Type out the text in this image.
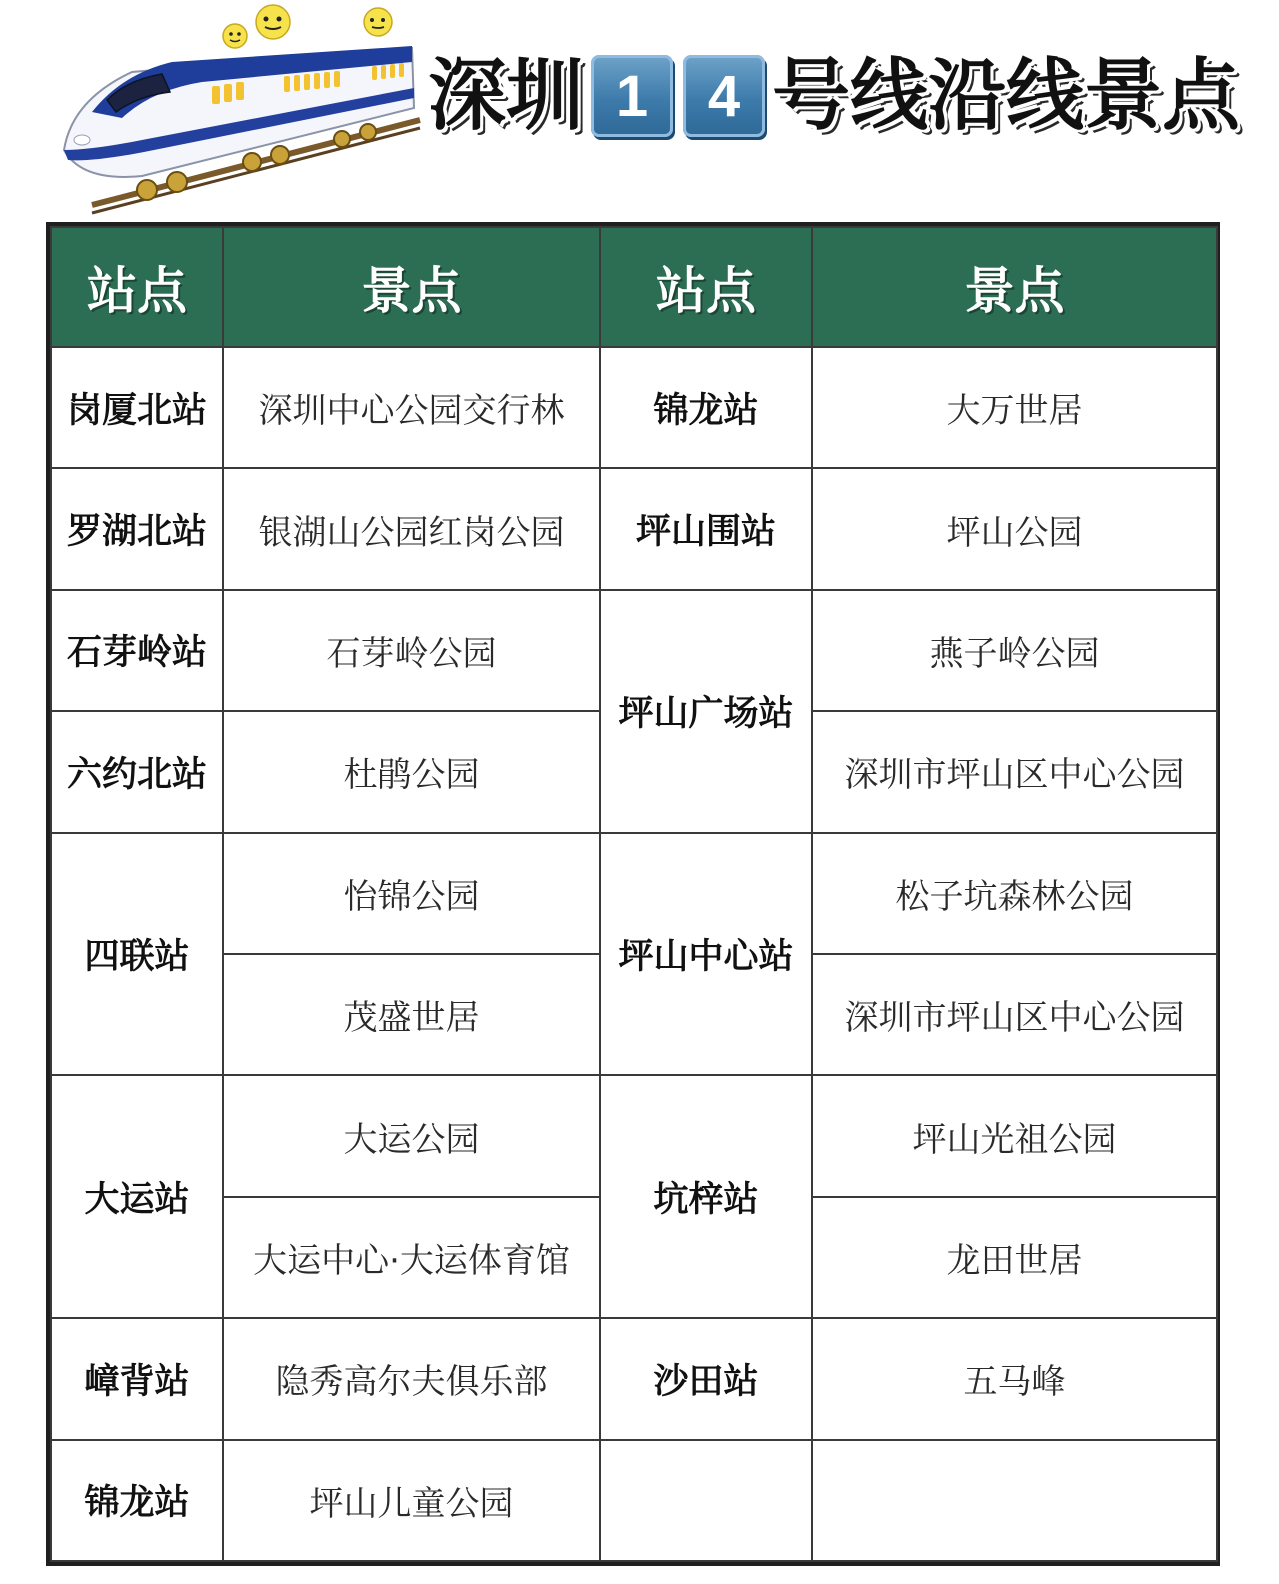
深圳 1	4 号线沿线景点
站点	景点	站点	景点
岗厦北站	深圳中心公园交行林	锦龙站	大万世居
罗湖北站	银湖山公园红岗公园	坪山围站	坪山公园
石芽岭站	石芽岭公园	坪山广场站	燕子岭公园
六约北站	杜鹃公园		深圳市坪山区中心公园
四联站	怡锦公园	坪山中心站	松子坑森林公园
	茂盛世居		深圳市坪山区中心公园
大运站	大运公园	坑梓站	坪山光祖公园
	大运中心·大运体育馆		龙田世居
嶂背站	隐秀高尔夫俱乐部	沙田站	五马峰
锦龙站	坪山儿童公园		
